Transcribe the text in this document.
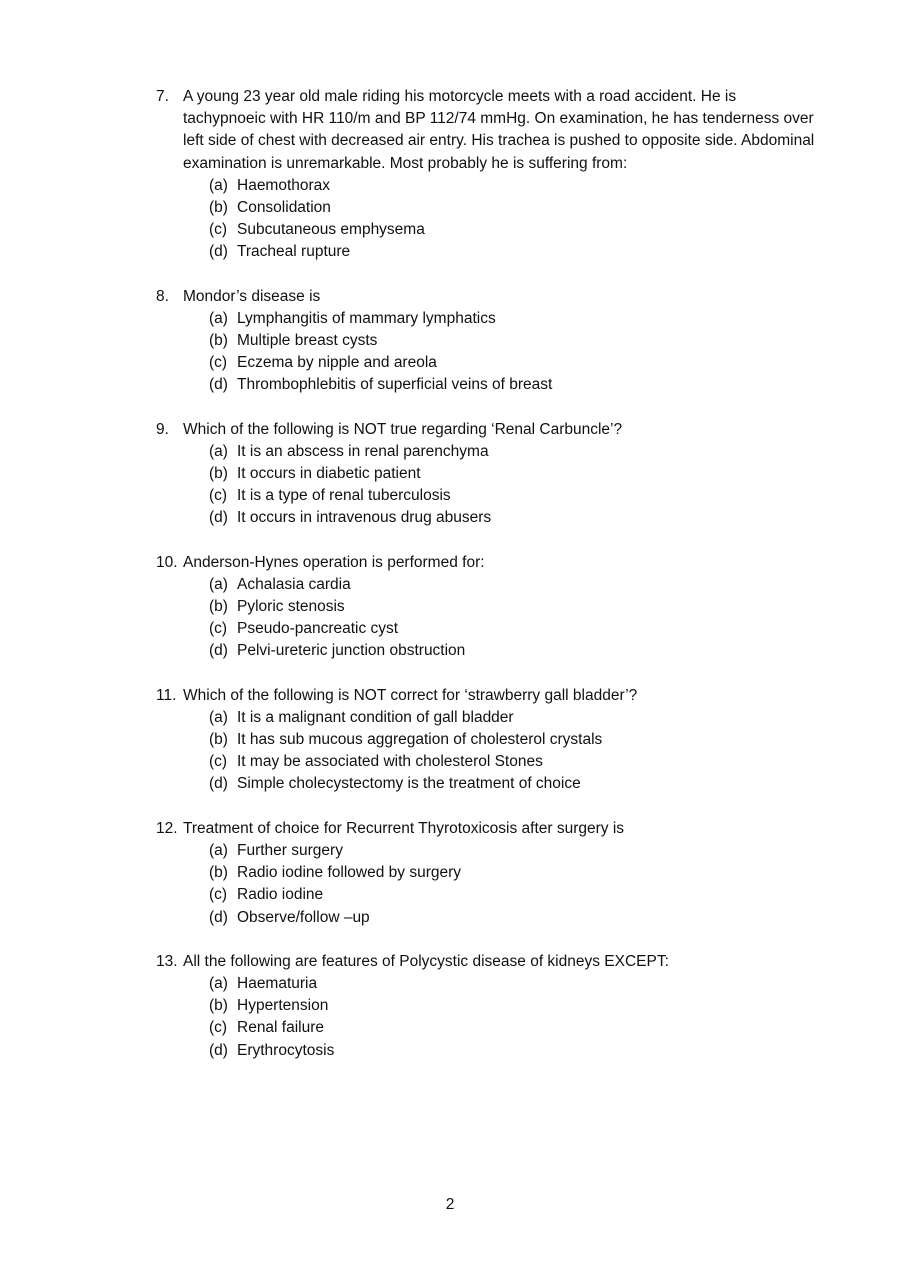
7. A young 23 year old male riding his motorcycle meets with a road accident. He is tachypnoeic with HR 110/m and BP 112/74 mmHg. On examination, he has tenderness over left side of chest with decreased air entry. His trachea is pushed to opposite side. Abdominal examination is unremarkable. Most probably he is suffering from:
(a) Haemothorax
(b) Consolidation
(c) Subcutaneous emphysema
(d) Tracheal rupture
8. Mondor’s disease is
(a) Lymphangitis of mammary lymphatics
(b) Multiple breast cysts
(c) Eczema by nipple and areola
(d) Thrombophlebitis of superficial veins of breast
9. Which of the following is NOT true regarding ‘Renal Carbuncle’?
(a) It is an abscess in renal parenchyma
(b) It occurs in diabetic patient
(c) It is a type of renal tuberculosis
(d) It occurs in intravenous drug abusers
10. Anderson-Hynes operation is performed for:
(a) Achalasia cardia
(b) Pyloric stenosis
(c) Pseudo-pancreatic cyst
(d) Pelvi-ureteric junction obstruction
11. Which of the following is NOT correct for ‘strawberry gall bladder’?
(a) It is a malignant condition of gall bladder
(b) It has sub mucous aggregation of cholesterol crystals
(c) It may be associated with cholesterol Stones
(d) Simple cholecystectomy is the treatment of choice
12. Treatment of choice for Recurrent Thyrotoxicosis after surgery is
(a) Further surgery
(b) Radio iodine followed by surgery
(c) Radio iodine
(d) Observe/follow –up
13. All the following are features of Polycystic disease of kidneys EXCEPT:
(a) Haematuria
(b) Hypertension
(c) Renal failure
(d) Erythrocytosis
2
